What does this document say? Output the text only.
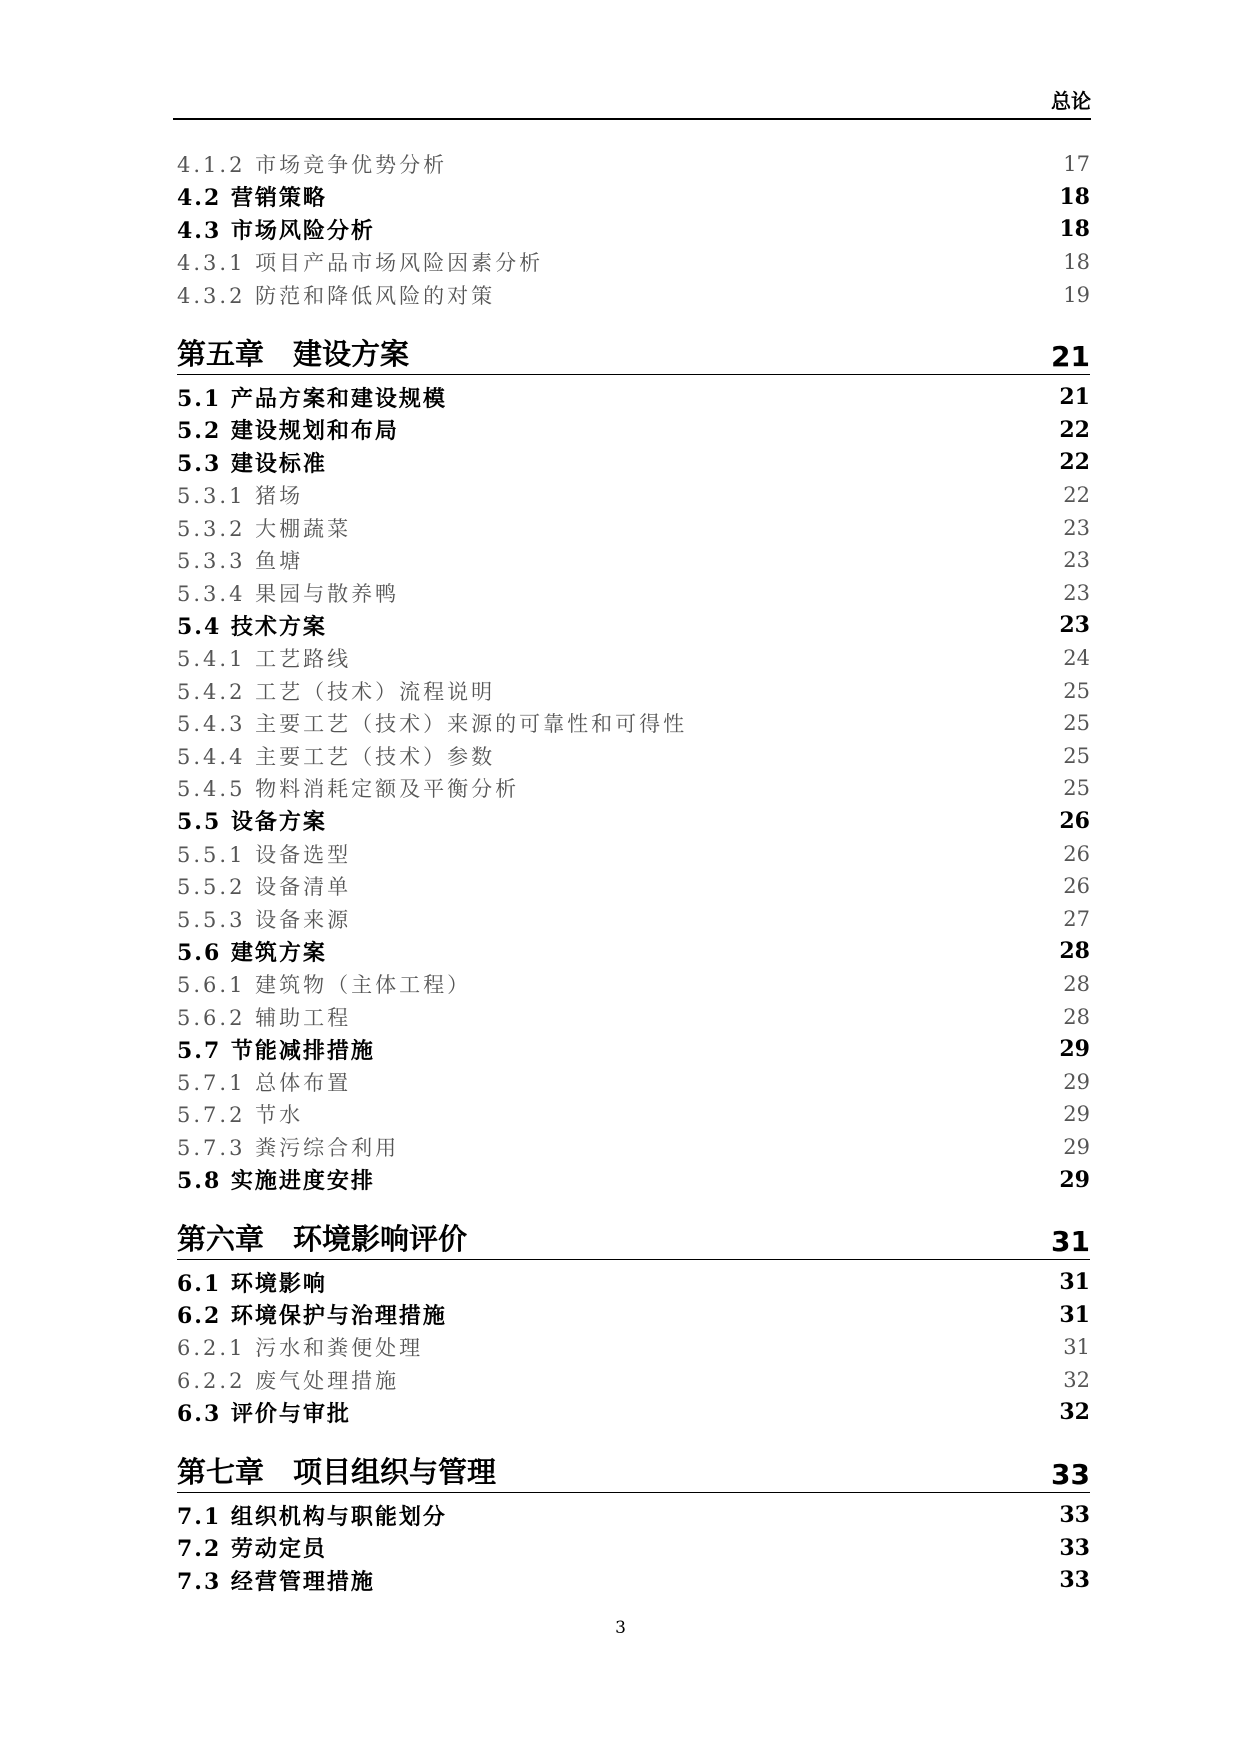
总论
4.1.2 市场竞争优势分析	17
4.2 营销策略	18
4.3 市场风险分析	18
4.3.1 项目产品市场风险因素分析	18
4.3.2 防范和降低风险的对策	19
第五章　建设方案	21
5.1 产品方案和建设规模	21
5.2 建设规划和布局	22
5.3 建设标准	22
5.3.1 猪场	22
5.3.2 大棚蔬菜	23
5.3.3 鱼塘	23
5.3.4 果园与散养鸭	23
5.4 技术方案	23
5.4.1 工艺路线	24
5.4.2 工艺（技术）流程说明	25
5.4.3 主要工艺（技术）来源的可靠性和可得性	25
5.4.4 主要工艺（技术）参数	25
5.4.5 物料消耗定额及平衡分析	25
5.5 设备方案	26
5.5.1 设备选型	26
5.5.2 设备清单	26
5.5.3 设备来源	27
5.6 建筑方案	28
5.6.1 建筑物（主体工程）	28
5.6.2 辅助工程	28
5.7 节能减排措施	29
5.7.1 总体布置	29
5.7.2 节水	29
5.7.3 粪污综合利用	29
5.8 实施进度安排	29
第六章　环境影响评价	31
6.1 环境影响	31
6.2 环境保护与治理措施	31
6.2.1 污水和粪便处理	31
6.2.2 废气处理措施	32
6.3 评价与审批	32
第七章　项目组织与管理	33
7.1 组织机构与职能划分	33
7.2 劳动定员	33
7.3 经营管理措施	33
3
